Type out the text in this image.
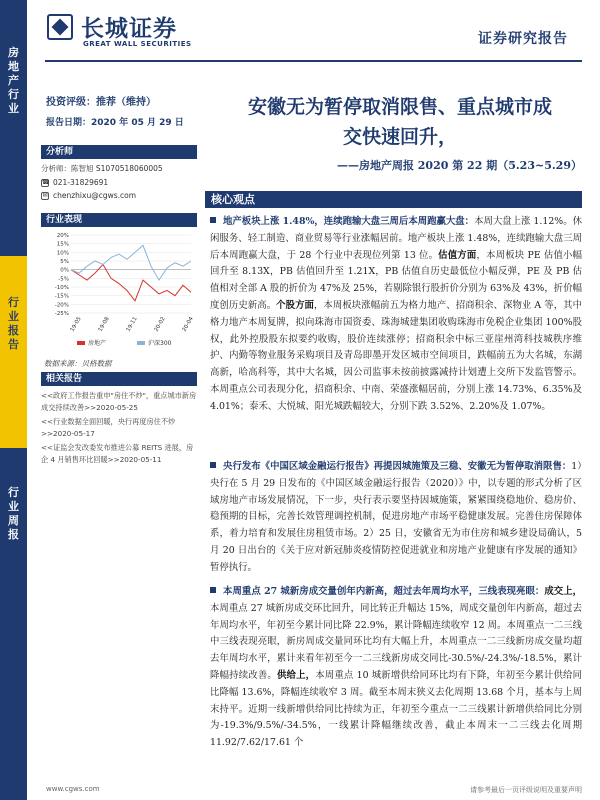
房
地
产
行
业
行
业
报
告
行
业
周
报
长城证券
GREAT WALL SECURITIES	证券研究报告
投资评级：推荐（维持）
报告日期：2020 年 05 月 29 日
安徽无为暂停取消限售、重点城市成
交快速回升，
——房地产周报 2020 第 22 期（5.23~5.29）
分析师
分析师：陈智旭 S1070518060005
☎ 021-31829691
✉ chenzhixu@cgws.com
行业表现
20%
15%
10%
5%
0%
-5%
-10%
-15%
-20%
-25%
19-05	19-08	19-11	20-02	20-04
房地产	沪深300
数据来源：贝格数据
相关报告
<<政府工作报告重申"房住不炒"，重点城市新房成交持续改善>>2020-05-25
<<行业数据全面回暖，央行再度房住不炒>>2020-05-17
<<证监会发改委发布推进公募 REITS 进展，房企 4 月销售环比回暖>>2020-05-11
核心观点
地产板块上涨 1.48%，连续跑输大盘三周后本周跑赢大盘：本周大盘上涨 1.12%。休闲服务、轻工制造、商业贸易等行业涨幅居前。地产板块上涨 1.48%，连续跑输大盘三周后本周跑赢大盘，于 28 个行业中表现位列第 13 位。估值方面，本周板块 PE 估值小幅回升至 8.13X，PB 估值回升至 1.21X，PB 估值自历史最低位小幅反弹，PE 及 PB 估值相对全部 A 股的折价为 47%及 25%，若剔除银行股折价分别为 63%及 43%，折价幅度创历史新高。个股方面，本周板块涨幅前五为格力地产、招商积余、深物业 A 等，其中格力地产本周复牌，拟向珠海市国资委、珠海城建集团收购珠海市免税企业集团 100%股权，此外控股股东拟要约收购，股价连续涨停；招商积余中标三亚崖州湾科技城秩序维护、内勤等物业服务采购项目及青岛即墨开发区城市空间项目，跌幅前五为大名城，东湖高新，哈高科等，其中大名城，因公司监事未按前披露减持计划遭上交所下发监管警示。本周重点公司表现分化，招商积余、中南、荣盛涨幅居前，分别上涨 14.73%、6.35%及 4.01%；泰禾、大悦城、阳光城跌幅较大，分别下跌 3.52%、2.20%及 1.07%。
央行发布《中国区域金融运行报告》再提因城施策及三稳、安徽无为暂停取消限售：1）央行在 5 月 29 日发布的《中国区域金融运行报告（2020）》中，以专题的形式分析了区域房地产市场发展情况，下一步，央行表示要坚持因城施策，紧紧围绕稳地价、稳房价、稳预期的目标，完善长效管理调控机制，促进房地产市场平稳健康发展。完善住房保障体系，着力培育和发展住房租赁市场。2）25 日，安徽省无为市住房和城乡建设局确认，5 月 20 日出台的《关于应对新冠肺炎疫情防控促进就业和房地产业健康有序发展的通知》暂停执行。
本周重点 27 城新房成交量创年内新高，超过去年周均水平，三线表现亮眼：成交上，本周重点 27 城新房成交环比回升，同比转正升幅达 15%，周成交量创年内新高，超过去年周均水平，年初至今累计同比降 22.9%，累计降幅连续收窄 12 周。本周重点一二三线中三线表现亮眼，新房周成交量同环比均有大幅上升，本周重点一二三线新房成交量均超去年周均水平，累计来看年初至今一二三线新房成交同比-30.5%/-24.3%/-18.5%，累计降幅持续改善。供给上，本周重点 10 城新增供给同环比均有下降，年初至今累计供给同比降幅 13.6%，降幅连续收窄 3 周。截至本周末狭义去化周期 13.68 个月，基本与上周末持平。近期一线新增供给同比持续为正，年初至今重点一二三线累计新增供给同比分别为-19.3%/9.5%/-34.5%，一线累计降幅继续改善，截止本周末一二三线去化周期 11.92/7.62/17.61 个
www.cgws.com	请参考最后一页评级说明及重要声明
